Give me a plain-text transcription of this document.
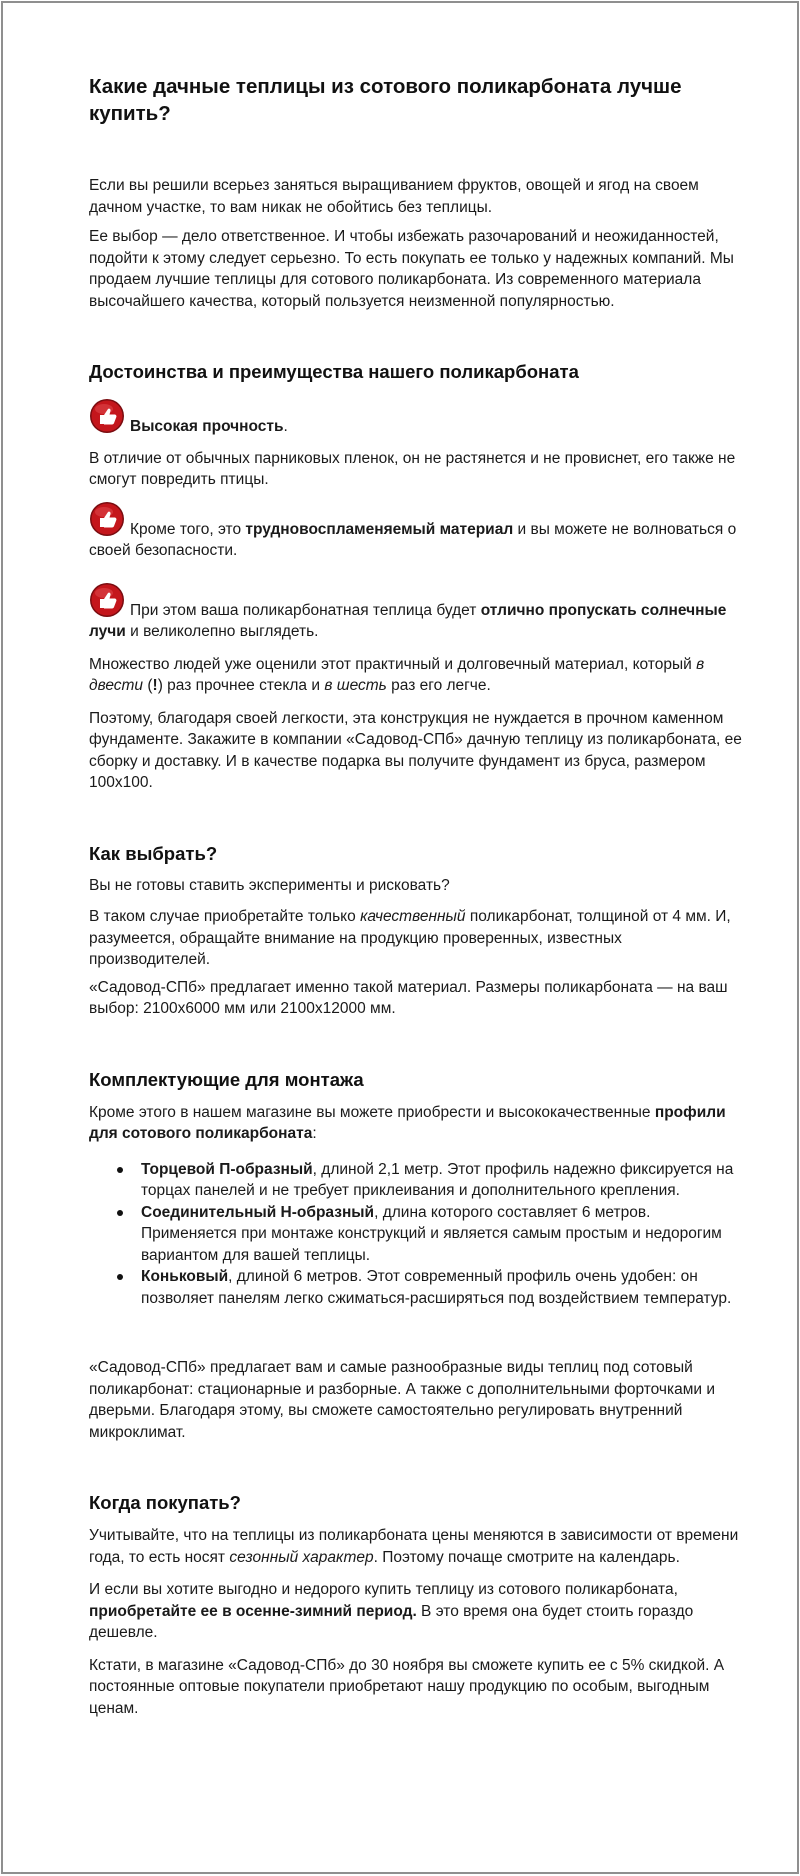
Какие дачные теплицы из сотового поликарбоната лучше купить?

Если вы решили всерьез заняться выращиванием фруктов, овощей и ягод на своем дачном участке, то вам никак не обойтись без теплицы.

Ее выбор — дело ответственное. И чтобы избежать разочарований и неожиданностей, подойти к этому следует серьезно. То есть покупать ее только у надежных компаний. Мы продаем лучшие теплицы для сотового поликарбоната. Из современного материала высочайшего качества, который пользуется неизменной популярностью.

Достоинства и преимущества нашего поликарбоната

Высокая прочность.

В отличие от обычных парниковых пленок, он не растянется и не провиснет, его также не смогут повредить птицы.

Кроме того, это трудновоспламеняемый материал и вы можете не волноваться о своей безопасности.

При этом ваша поликарбонатная теплица будет отлично пропускать солнечные лучи и великолепно выглядеть.

Множество людей уже оценили этот практичный и долговечный материал, который в двести (!) раз прочнее стекла и в шесть раз его легче.

Поэтому, благодаря своей легкости, эта конструкция не нуждается в прочном каменном фундаменте. Закажите в компании «Садовод-СПб» дачную теплицу из поликарбоната, ее сборку и доставку. И в качестве подарка вы получите фундамент из бруса, размером 100х100.

Как выбрать?

Вы не готовы ставить эксперименты и рисковать?

В таком случае приобретайте только качественный поликарбонат, толщиной от 4 мм. И, разумеется, обращайте внимание на продукцию проверенных, известных производителей.

«Садовод-СПб» предлагает именно такой материал. Размеры поликарбоната — на ваш выбор: 2100х6000 мм или 2100х12000 мм.

Комплектующие для монтажа

Кроме этого в нашем магазине вы можете приобрести и высококачественные профили для сотового поликарбоната:

Торцевой П-образный, длиной 2,1 метр. Этот профиль надежно фиксируется на торцах панелей и не требует приклеивания и дополнительного крепления.
Соединительный Н-образный, длина которого составляет 6 метров. Применяется при монтаже конструкций и является самым простым и недорогим вариантом для вашей теплицы.
Коньковый, длиной 6 метров. Этот современный профиль очень удобен: он позволяет панелям легко сжиматься-расширяться под воздействием температур.

«Садовод-СПб» предлагает вам и самые разнообразные виды теплиц под сотовый поликарбонат: стационарные и разборные. А также с дополнительными форточками и дверьми. Благодаря этому, вы сможете самостоятельно регулировать внутренний микроклимат.

Когда покупать?

Учитывайте, что на теплицы из поликарбоната цены меняются в зависимости от времени года, то есть носят сезонный характер. Поэтому почаще смотрите на календарь.

И если вы хотите выгодно и недорого купить теплицу из сотового поликарбоната, приобретайте ее в осенне-зимний период. В это время она будет стоить гораздо дешевле.

Кстати, в магазине «Садовод-СПб» до 30 ноября вы сможете купить ее с 5% скидкой. А постоянные оптовые покупатели приобретают нашу продукцию по особым, выгодным ценам.
